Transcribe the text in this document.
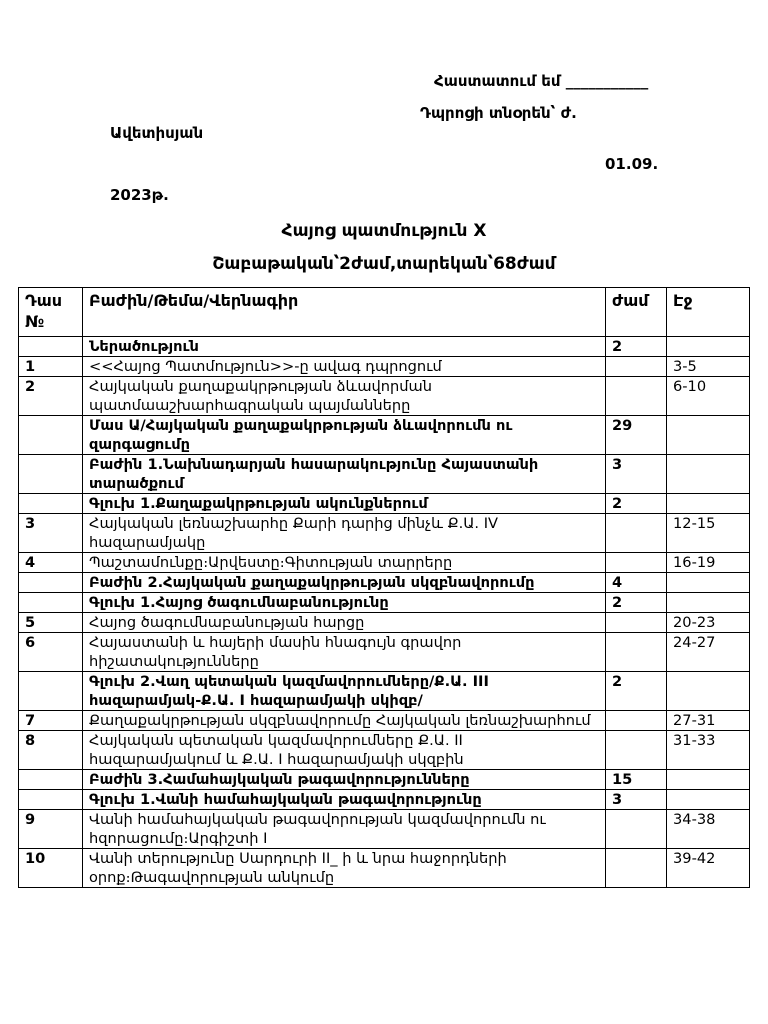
Հաստատում եմ ___________
Դպրոցի տնօրեն՝ ժ.
Ավետիսյան
01.09.
2023թ.
Հայոց պատմություն X
Շաբաթական՝2ժամ,տարեկան՝68ժամ
Դաս №	Բաժին/Թեմա/Վերնագիր	ժամ	Էջ
	Ներածություն	2	
1	<<Հայոց Պատմություն>>-ը ավագ դպրոցում		3-5
2	Հայկական քաղաքակրթության ձևավորման պատմաաշխարհագրական պայմանները		6-10
	Մաս Ա/Հայկական քաղաքակրթության ձևավորումն ու զարգացումը	29	
	Բաժին 1.Նախնադարյան հասարակությունը Հայաստանի տարածքում	3	
	Գլուխ 1.Քաղաքակրթության ակունքներում	2	
3	Հայկական լեռնաշխարհը Քարի դարից մինչև Ք.Ա. IV հազարամյակը		12-15
4	Պաշտամունքը։Արվեստը։Գիտության տարրերը		16-19
	Բաժին 2.Հայկական քաղաքակրթության սկզբնավորումը	4	
	Գլուխ 1.Հայոց ծագումնաբանությունը	2	
5	Հայոց ծագումնաբանության հարցը		20-23
6	Հայաստանի և հայերի մասին հնագույն գրավոր հիշատակությունները		24-27
	Գլուխ 2.Վաղ պետական կազմավորումները/Ք.Ա. III հազարամյակ-Ք.Ա. I հազարամյակի սկիզբ/	2	
7	Քաղաքակրթության սկզբնավորումը Հայկական լեռնաշխարհում		27-31
8	Հայկական պետական կազմավորումները Ք.Ա. II հազարամյակում և Ք.Ա. I հազարամյակի սկզբին		31-33
	Բաժին 3.Համահայկական թագավորությունները	15	
	Գլուխ 1.Վանի համահայկական թագավորությունը	3	
9	Վանի համահայկական թագավորության կազմավորումն ու հզորացումը։Արգիշտի I		34-38
10	Վանի տերությունը Սարդուրի II_ ի և նրա հաջորդների օրոք։Թագավորության անկումը		39-42
